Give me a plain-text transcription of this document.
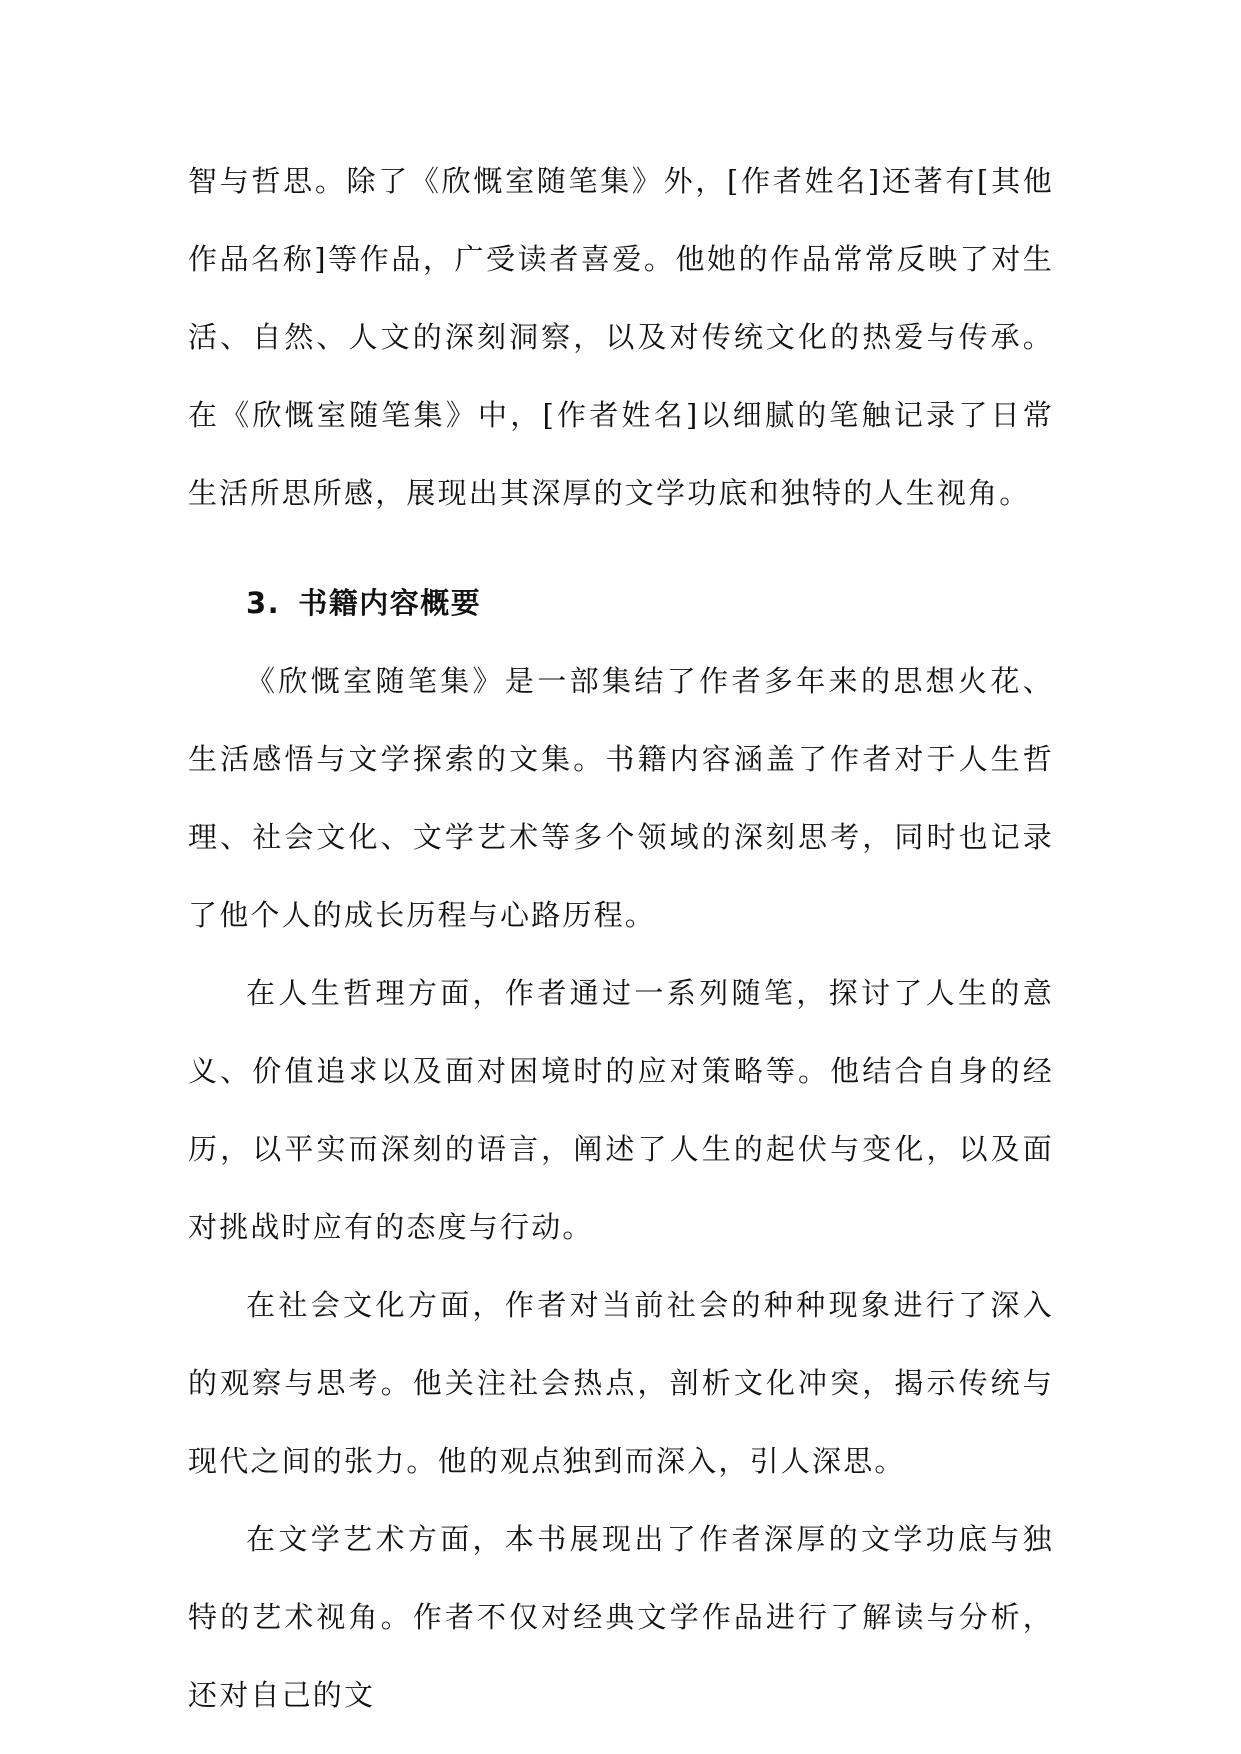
智与哲思。除了《欣慨室随笔集》外，[作者姓名]还著有[其他作品名称]等作品，广受读者喜爱。他她的作品常常反映了对生活、自然、人文的深刻洞察，以及对传统文化的热爱与传承。在《欣慨室随笔集》中，[作者姓名]以细腻的笔触记录了日常生活所思所感，展现出其深厚的文学功底和独特的人生视角。

3. 书籍内容概要

《欣慨室随笔集》是一部集结了作者多年来的思想火花、生活感悟与文学探索的文集。书籍内容涵盖了作者对于人生哲理、社会文化、文学艺术等多个领域的深刻思考，同时也记录了他个人的成长历程与心路历程。

在人生哲理方面，作者通过一系列随笔，探讨了人生的意义、价值追求以及面对困境时的应对策略等。他结合自身的经历，以平实而深刻的语言，阐述了人生的起伏与变化，以及面对挑战时应有的态度与行动。

在社会文化方面，作者对当前社会的种种现象进行了深入的观察与思考。他关注社会热点，剖析文化冲突，揭示传统与现代之间的张力。他的观点独到而深入，引人深思。

在文学艺术方面，本书展现出了作者深厚的文学功底与独特的艺术视角。作者不仅对经典文学作品进行了解读与分析，还对自己的文
